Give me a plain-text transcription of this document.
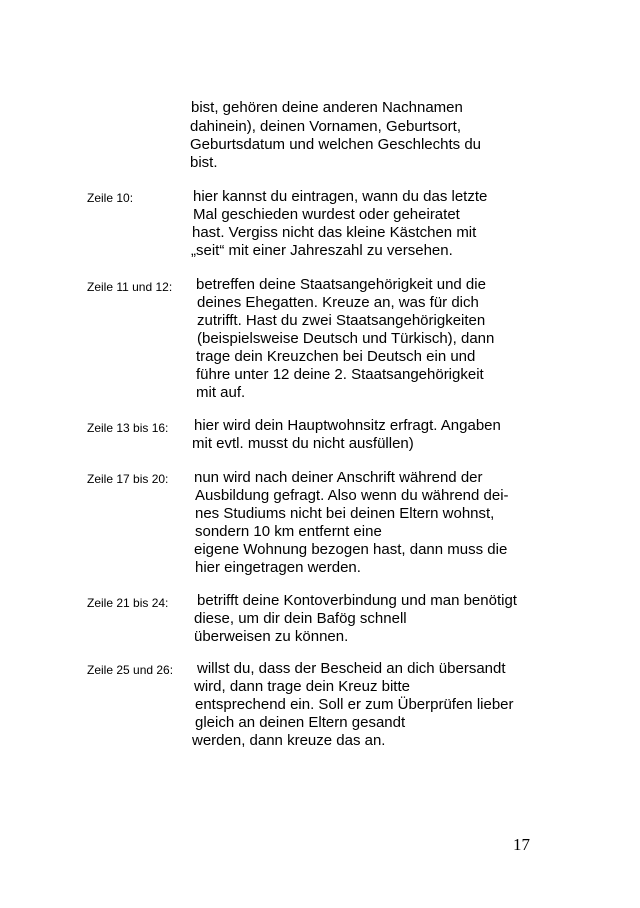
bist, gehören deine anderen Nachnamen
dahinein), deinen Vornamen, Geburtsort,
Geburtsdatum und welchen Geschlechts du
bist.
Zeile 10:	hier kannst du eintragen, wann du das letzte
Mal geschieden wurdest oder geheiratet
hast. Vergiss nicht das kleine Kästchen mit
„seit“ mit einer Jahreszahl zu versehen.
Zeile 11 und 12: betreffen deine Staatsangehörigkeit und die
deines Ehegatten. Kreuze an, was für dich
zutrifft. Hast du zwei Staatsangehörigkeiten
(beispielsweise Deutsch und Türkisch), dann
trage dein Kreuzchen bei Deutsch ein und
führe unter 12 deine 2. Staatsangehörigkeit
mit auf.
Zeile 13 bis 16: hier wird dein Hauptwohnsitz erfragt. Angaben
mit evtl. musst du nicht ausfüllen)
Zeile 17 bis 20: nun wird nach deiner Anschrift während der
Ausbildung gefragt. Also wenn du während dei-
nes Studiums nicht bei deinen Eltern wohnst,
sondern 10 km entfernt eine
eigene Wohnung bezogen hast, dann muss die
hier eingetragen werden.
Zeile 21 bis 24: betrifft deine Kontoverbindung und man benötigt
diese, um dir dein Bafög schnell
überweisen zu können.
Zeile 25 und 26: willst du, dass der Bescheid an dich übersandt
wird, dann trage dein Kreuz bitte
entsprechend ein. Soll er zum Überprüfen lieber
gleich an deinen Eltern gesandt
werden, dann kreuze das an.
17
